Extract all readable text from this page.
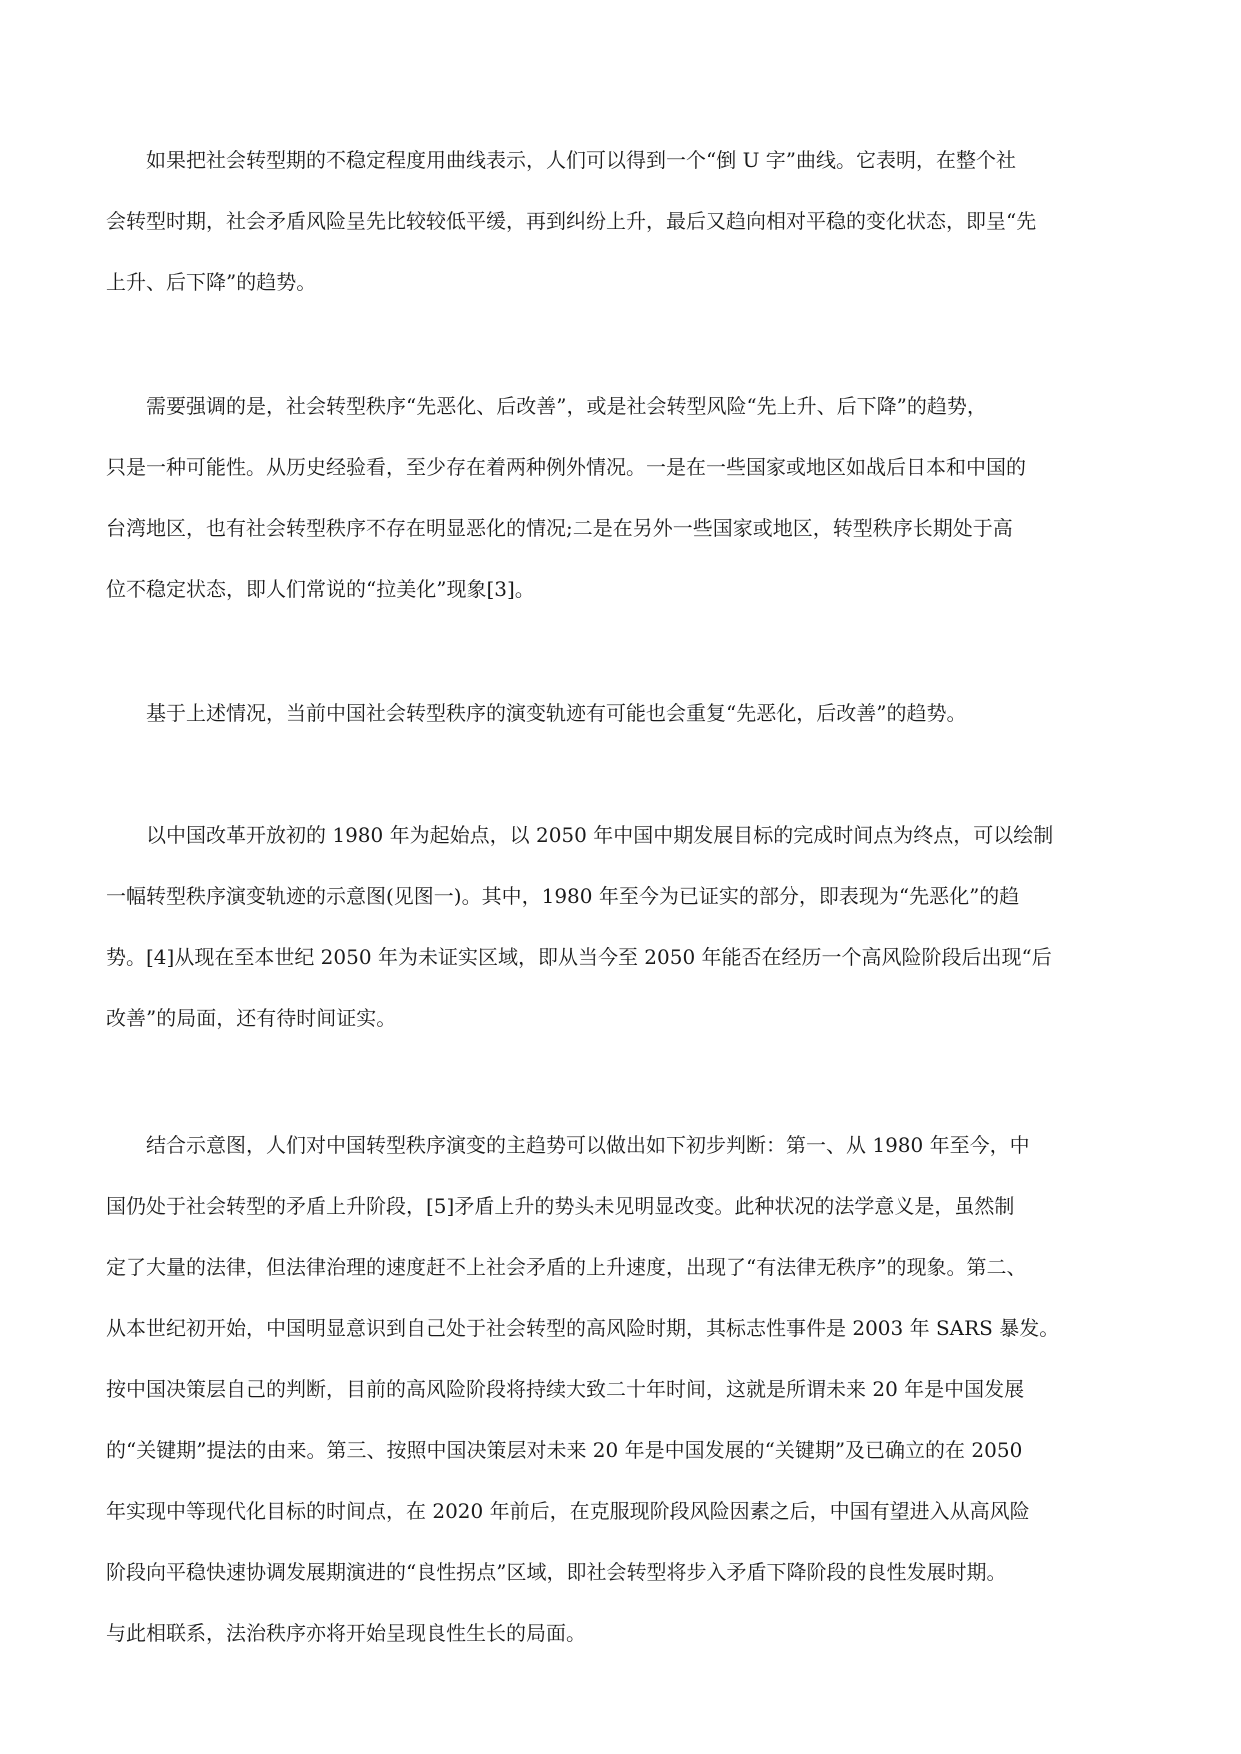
如果把社会转型期的不稳定程度用曲线表示，人们可以得到一个“倒 U 字”曲线。它表明，在整个社
会转型时期，社会矛盾风险呈先比较较低平缓，再到纠纷上升，最后又趋向相对平稳的变化状态，即呈“先
上升、后下降”的趋势。
需要强调的是，社会转型秩序“先恶化、后改善”，或是社会转型风险“先上升、后下降”的趋势，
只是一种可能性。从历史经验看，至少存在着两种例外情况。一是在一些国家或地区如战后日本和中国的
台湾地区，也有社会转型秩序不存在明显恶化的情况;二是在另外一些国家或地区，转型秩序长期处于高
位不稳定状态，即人们常说的“拉美化”现象[3]。
基于上述情况，当前中国社会转型秩序的演变轨迹有可能也会重复“先恶化，后改善”的趋势。
以中国改革开放初的 1980 年为起始点，以 2050 年中国中期发展目标的完成时间点为终点，可以绘制
一幅转型秩序演变轨迹的示意图(见图一)。其中，1980 年至今为已证实的部分，即表现为“先恶化”的趋
势。[4]从现在至本世纪 2050 年为未证实区域，即从当今至 2050 年能否在经历一个高风险阶段后出现“后
改善”的局面，还有待时间证实。
结合示意图，人们对中国转型秩序演变的主趋势可以做出如下初步判断：第一、从 1980 年至今，中
国仍处于社会转型的矛盾上升阶段，[5]矛盾上升的势头未见明显改变。此种状况的法学意义是，虽然制
定了大量的法律，但法律治理的速度赶不上社会矛盾的上升速度，出现了“有法律无秩序”的现象。第二、
从本世纪初开始，中国明显意识到自己处于社会转型的高风险时期，其标志性事件是 2003 年 SARS 暴发。
按中国决策层自己的判断，目前的高风险阶段将持续大致二十年时间，这就是所谓未来 20 年是中国发展
的“关键期”提法的由来。第三、按照中国决策层对未来 20 年是中国发展的“关键期”及已确立的在 2050
年实现中等现代化目标的时间点，在 2020 年前后，在克服现阶段风险因素之后，中国有望进入从高风险
阶段向平稳快速协调发展期演进的“良性拐点”区域，即社会转型将步入矛盾下降阶段的良性发展时期。
与此相联系，法治秩序亦将开始呈现良性生长的局面。
